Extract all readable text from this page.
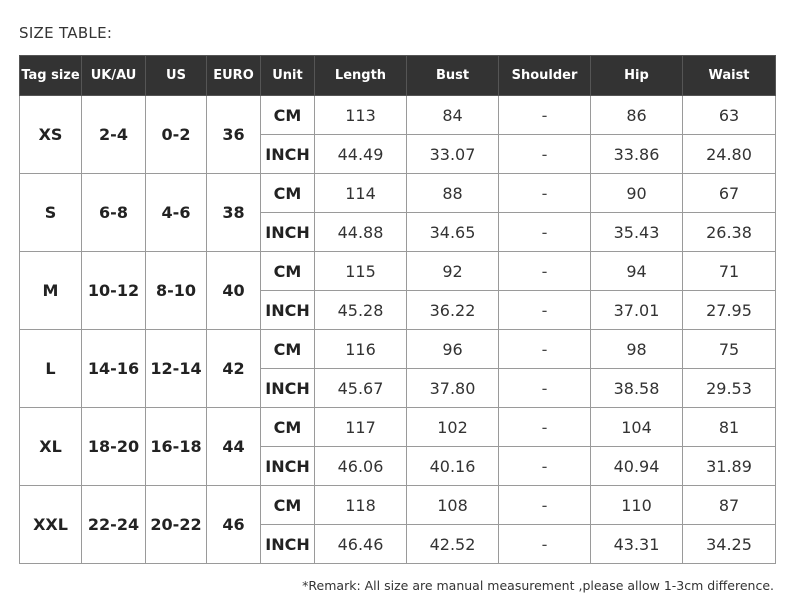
SIZE TABLE:
Tag size	UK/AU	US	EURO	Unit	Length	Bust	Shoulder	Hip	Waist
XS	2-4	0-2	36	CM	113	84	-	86	63
				INCH	44.49	33.07	-	33.86	24.80
S	6-8	4-6	38	CM	114	88	-	90	67
				INCH	44.88	34.65	-	35.43	26.38
M	10-12	8-10	40	CM	115	92	-	94	71
				INCH	45.28	36.22	-	37.01	27.95
L	14-16	12-14	42	CM	116	96	-	98	75
				INCH	45.67	37.80	-	38.58	29.53
XL	18-20	16-18	44	CM	117	102	-	104	81
				INCH	46.06	40.16	-	40.94	31.89
XXL	22-24	20-22	46	CM	118	108	-	110	87
				INCH	46.46	42.52	-	43.31	34.25
*Remark: All size are manual measurement ,please allow 1-3cm difference.
